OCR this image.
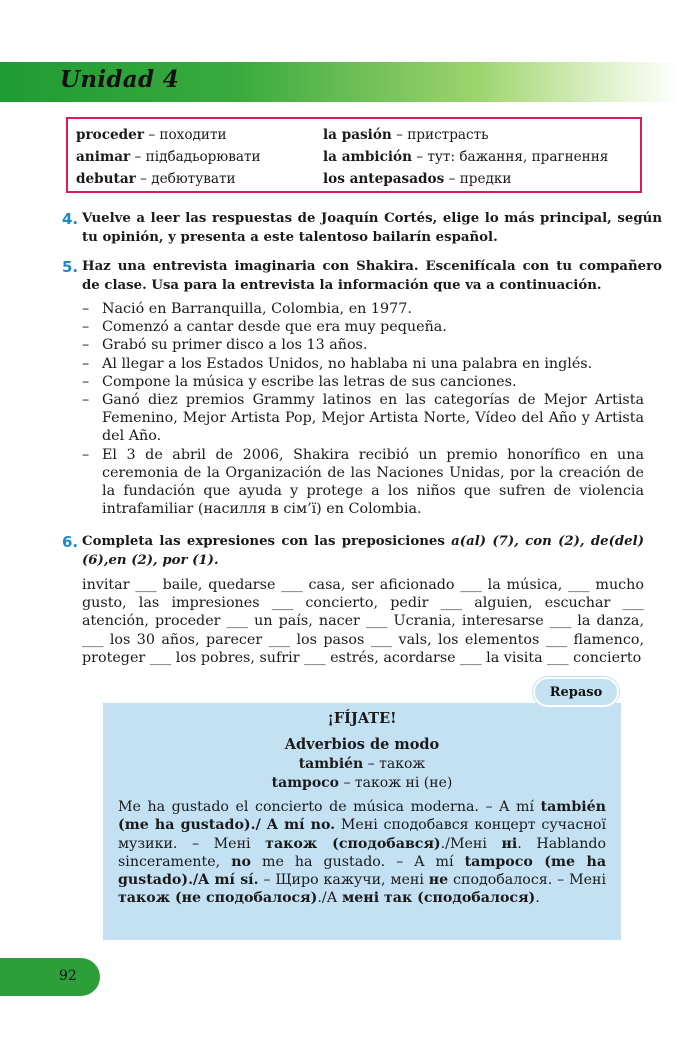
Unidad 4
proceder – походити	la pasión – пристрасть
animar – підбадьорювати	la ambición – тут: бажання, прагнення
debutar – дебютувати	los antepasados – предки
4. Vuelve a leer las respuestas de Joaquín Cortés, elige lo más principal, según tu opinión, y presenta a este talentoso bailarín español.
5. Haz una entrevista imaginaria con Shakira. Escenifícala con tu compañero de clase. Usa para la entrevista la información que va a continuación.
– Nació en Barranquilla, Colombia, en 1977.
– Comenzó a cantar desde que era muy pequeña.
– Grabó su primer disco a los 13 años.
– Al llegar a los Estados Unidos, no hablaba ni una palabra en inglés.
– Compone la música y escribe las letras de sus canciones.
– Ganó diez premios Grammy latinos en las categorías de Mejor Artista Femenino, Mejor Artista Pop, Mejor Artista Norte, Vídeo del Año y Artista del Año.
– El 3 de abril de 2006, Shakira recibió un premio honorífico en una ceremonia de la Organización de las Naciones Unidas, por la creación de la fundación que ayuda y protege a los niños que sufren de violencia intrafamiliar (насилля в сім’ї) en Colombia.
6. Completa las expresiones con las preposiciones a(al) (7), con (2), de(del) (6),en (2), por (1).
invitar ___ baile, quedarse ___ casa, ser aficionado ___ la música, ___ mucho gusto, las impresiones ___ concierto, pedir ___ alguien, escuchar ___ atención, proceder ___ un país, nacer ___ Ucrania, interesarse ___ la danza, ___ los 30 años, parecer ___ los pasos ___ vals, los elementos ___ flamenco, proteger ___ los pobres, sufrir ___ estrés, acordarse ___ la visita ___ concierto
Repaso
¡FÍJATE!
Adverbios de modo
también – також
tampoco – також ні (не)
Me ha gustado el concierto de música moderna. – A mí también (me ha gustado)./ A mí no. Мені сподобався концерт сучасної музики. – Мені також (сподобався)./Мені ні. Hablando sinceramente, no me ha gustado. – A mí tampoco (me ha gustado)./A mí sí. – Щиро кажучи, мені не сподобалося. – Мені також (не сподобалося)./А мені так (сподобалося).
92
